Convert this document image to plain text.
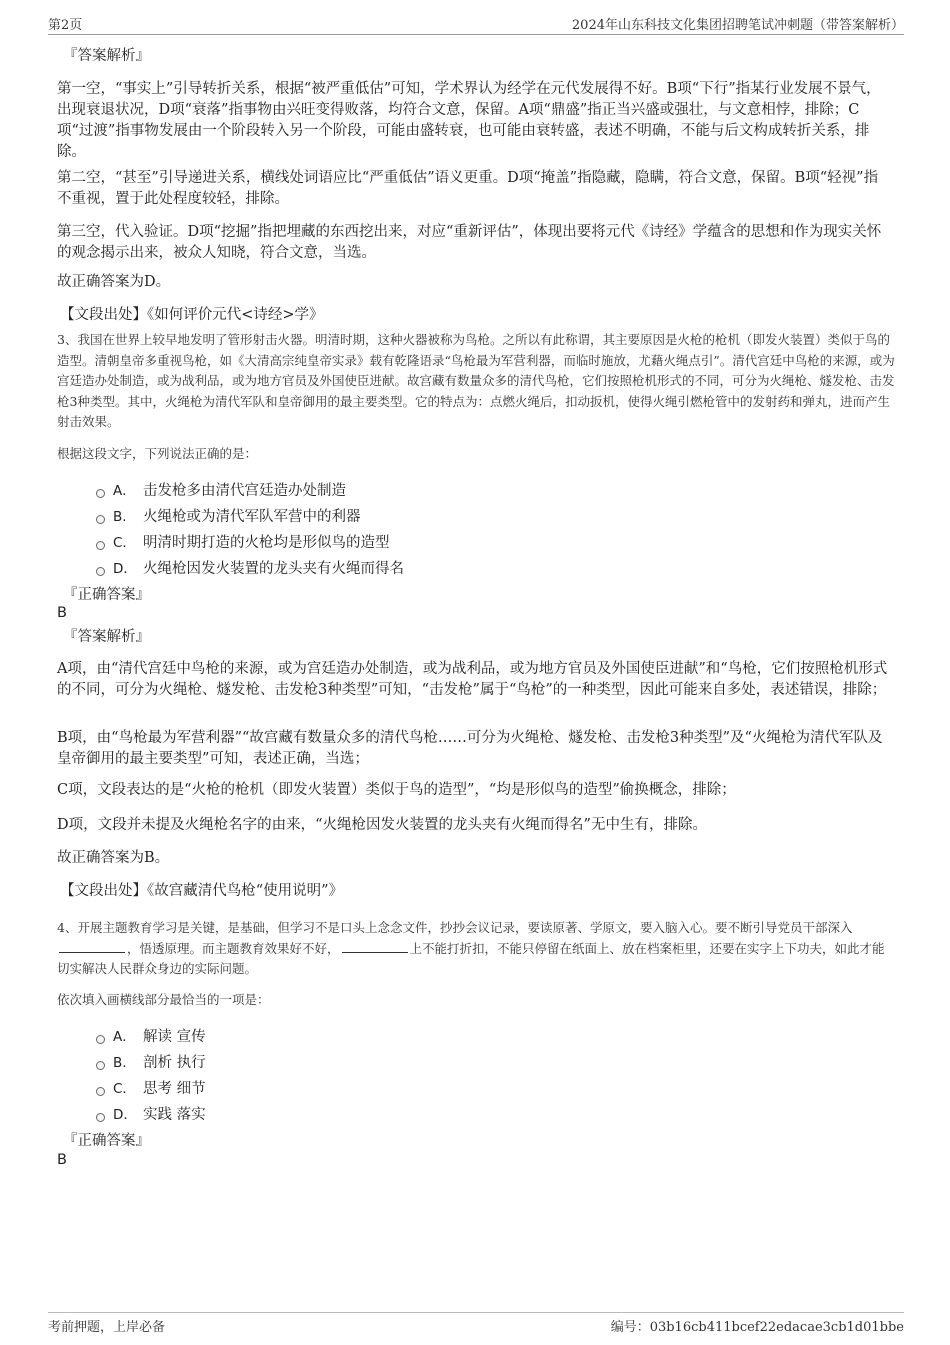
第2页	2024年山东科技文化集团招聘笔试冲刺题（带答案解析）
『答案解析』

第一空，“事实上”引导转折关系，根据“被严重低估”可知，学术界认为经学在元代发展得不好。B项“下行”指某行业发展不景气，出现衰退状况，D项“衰落”指事物由兴旺变得败落，均符合文意，保留。A项“鼎盛”指正当兴盛或强壮，与文意相悖，排除；C项“过渡”指事物发展由一个阶段转入另一个阶段，可能由盛转衰，也可能由衰转盛，表述不明确，不能与后文构成转折关系，排除。

第二空，“甚至”引导递进关系，横线处词语应比“严重低估”语义更重。D项“掩盖”指隐藏，隐瞒，符合文意，保留。B项“轻视”指不重视，置于此处程度较轻，排除。

第三空，代入验证。D项“挖掘”指把埋藏的东西挖出来，对应“重新评估”，体现出要将元代《诗经》学蕴含的思想和作为现实关怀的观念揭示出来，被众人知晓，符合文意，当选。

故正确答案为D。

【文段出处】《如何评价元代<诗经>学》

3、我国在世界上较早地发明了管形射击火器。明清时期，这种火器被称为鸟枪。之所以有此称谓，其主要原因是火枪的枪机（即发火装置）类似于鸟的造型。清朝皇帝多重视鸟枪，如《大清高宗纯皇帝实录》载有乾隆语录“鸟枪最为军营利器，而临时施放，尤藉火绳点引”。清代宫廷中鸟枪的来源，或为宫廷造办处制造，或为战利品，或为地方官员及外国使臣进献。故宫藏有数量众多的清代鸟枪，它们按照枪机形式的不同，可分为火绳枪、燧发枪、击发枪3种类型。其中，火绳枪为清代军队和皇帝御用的最主要类型。它的特点为：点燃火绳后，扣动扳机，使得火绳引燃枪管中的发射药和弹丸，进而产生射击效果。

根据这段文字，下列说法正确的是：

A． 击发枪多由清代宫廷造办处制造
B.	火绳枪或为清代军队军营中的利器
C． 明清时期打造的火枪均是形似鸟的造型
D． 火绳枪因发火装置的龙头夹有火绳而得名
『正确答案』
B
『答案解析』

A项，由“清代宫廷中鸟枪的来源，或为宫廷造办处制造，或为战利品，或为地方官员及外国使臣进献”和“鸟枪，它们按照枪机形式的不同，可分为火绳枪、燧发枪、击发枪3种类型”可知，“击发枪”属于“鸟枪”的一种类型，因此可能来自多处，表述错误，排除；

B项，由“鸟枪最为军营利器”“故宫藏有数量众多的清代鸟枪……可分为火绳枪、燧发枪、击发枪3种类型”及“火绳枪为清代军队及皇帝御用的最主要类型”可知，表述正确，当选；

C项，文段表达的是“火枪的枪机（即发火装置）类似于鸟的造型”，“均是形似鸟的造型”偷换概念，排除；

D项，文段并未提及火绳枪名字的由来，“火绳枪因发火装置的龙头夹有火绳而得名”无中生有，排除。

故正确答案为B。

【文段出处】《故宫藏清代鸟枪“使用说明”》

4、开展主题教育学习是关键，是基础，但学习不是口头上念念文件，抄抄会议记录，要读原著、学原文，要入脑入心。要不断引导党员干部深入，悟透原理。而主题教育效果好不好，	上不能打折扣，不能只停留在纸面上、放在档案柜里，还要在实字上下功夫，如此才能切实解决人民群众身边的实际问题。

依次填入画横线部分最恰当的一项是：

A． 解读 宣传
B.	剖析 执行
C． 思考 细节
D． 实践 落实
『正确答案』
B
考前押题，上岸必备	编号：03b16cb411bcef22edacae3cb1d01bbe
